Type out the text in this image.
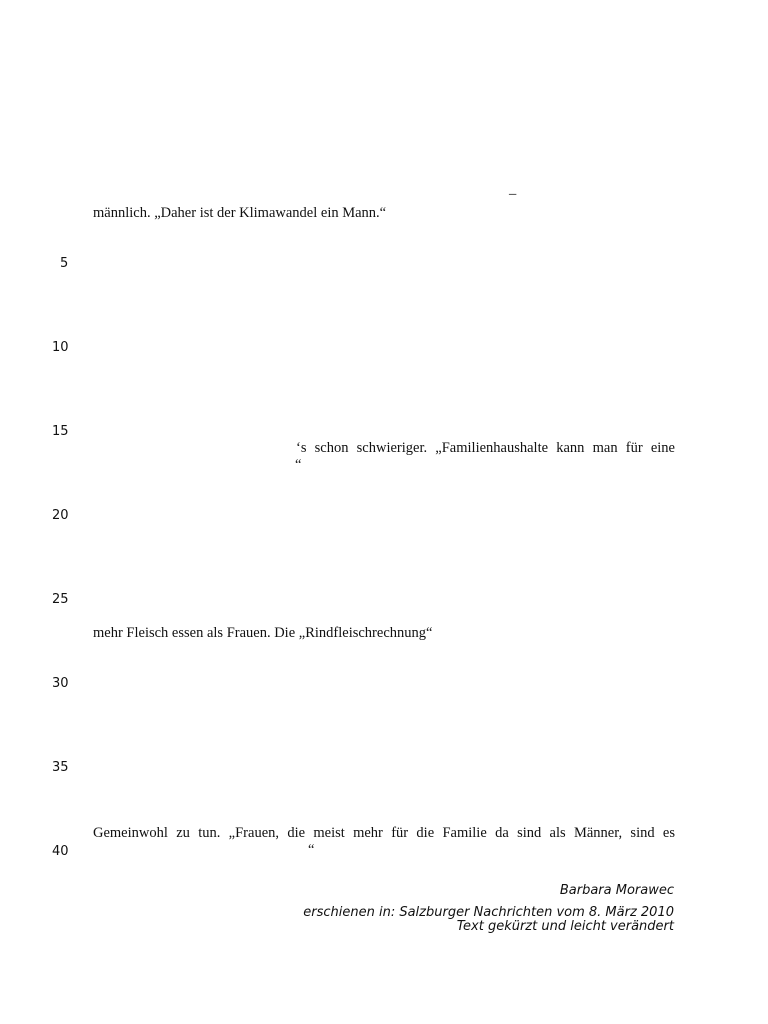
5
10
15
20
25
30
35
40
–
männlich. „Daher ist der Klimawandel ein Mann.“
‘s schon schwieriger. „Familienhaushalte kann man für eine
“
mehr Fleisch essen als Frauen. Die „Rindfleischrechnung“
Gemeinwohl zu tun. „Frauen, die meist mehr für die Familie da sind als Männer, sind es
“
Barbara Morawec
erschienen in: Salzburger Nachrichten vom 8. März 2010
Text gekürzt und leicht verändert
